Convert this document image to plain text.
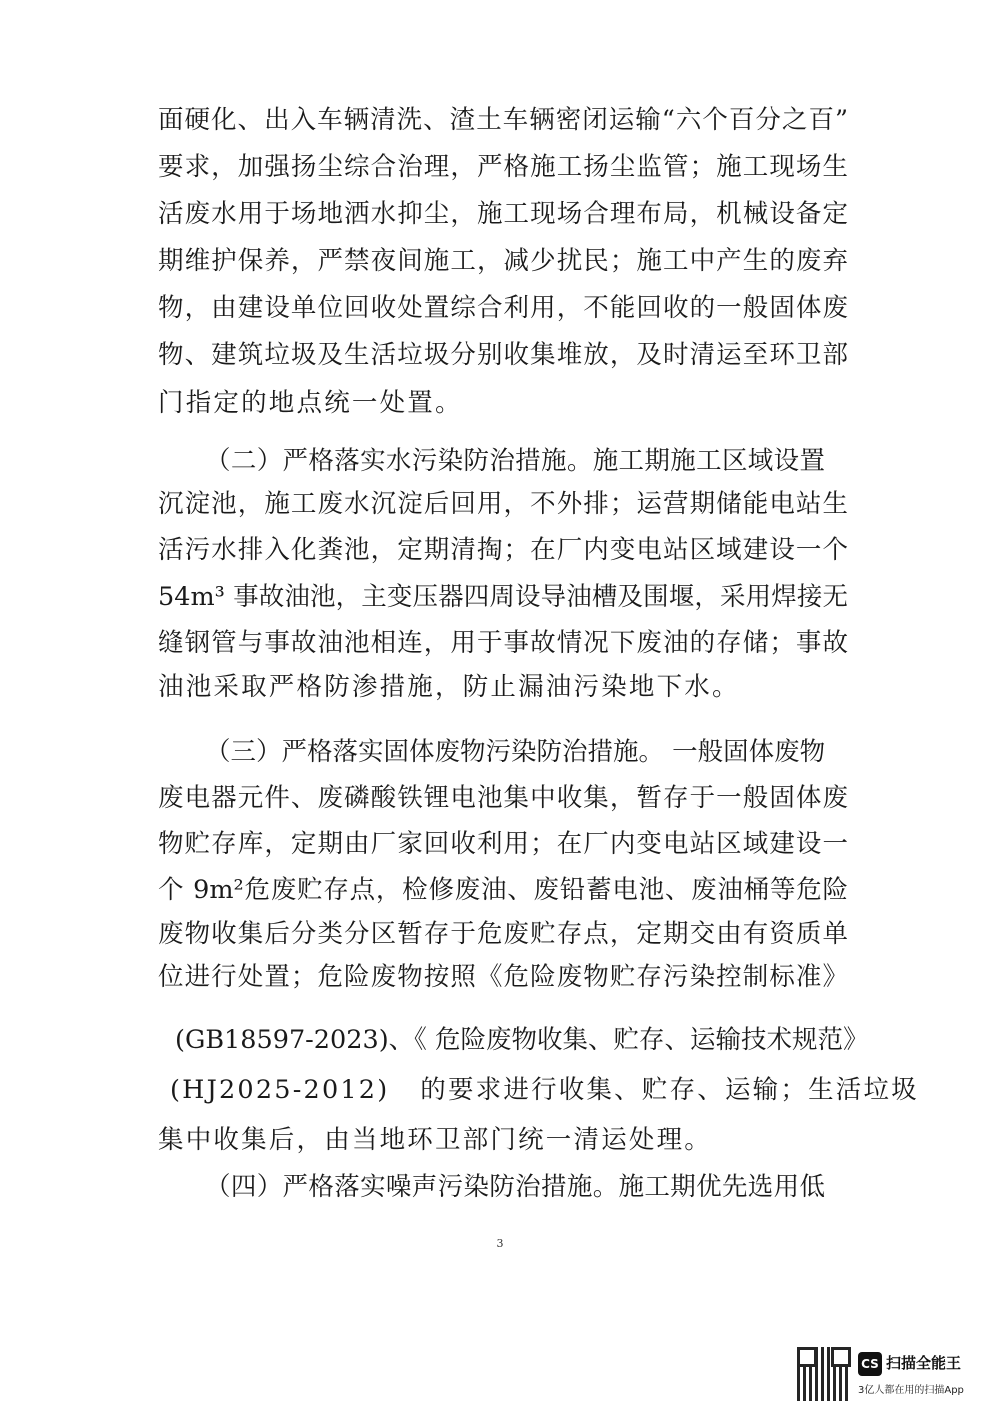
面硬化、出入车辆清洗、渣土车辆密闭运输“六个百分之百”
要求，加强扬尘综合治理，严格施工扬尘监管；施工现场生
活废水用于场地洒水抑尘，施工现场合理布局，机械设备定
期维护保养，严禁夜间施工，减少扰民；施工中产生的废弃
物，由建设单位回收处置综合利用，不能回收的一般固体废
物、建筑垃圾及生活垃圾分别收集堆放，及时清运至环卫部
门指定的地点统一处置。
（二）严格落实水污染防治措施。施工期施工区域设置
沉淀池，施工废水沉淀后回用，不外排；运营期储能电站生
活污水排入化粪池，定期清掏；在厂内变电站区域建设一个
54m³ 事故油池，主变压器四周设导油槽及围堰，采用焊接无
缝钢管与事故油池相连，用于事故情况下废油的存储；事故
油池采取严格防渗措施，防止漏油污染地下水。
（三）严格落实固体废物污染防治措施。 一般固体废物
废电器元件、废磷酸铁锂电池集中收集，暂存于一般固体废
物贮存库，定期由厂家回收利用；在厂内变电站区域建设一
个 9m²危废贮存点，检修废油、废铅蓄电池、废油桶等危险
废物收集后分类分区暂存于危废贮存点，定期交由有资质单
位进行处置；危险废物按照《危险废物贮存污染控制标准》
(GB18597-2023)、《 危险废物收集、贮存、运输技术规范》
(HJ2025-2012)   的要求进行收集、贮存、运输；生活垃圾
集中收集后，由当地环卫部门统一清运处理。
（四）严格落实噪声污染防治措施。施工期优先选用低
3
CS 扫描全能王
3亿人都在用的扫描App
